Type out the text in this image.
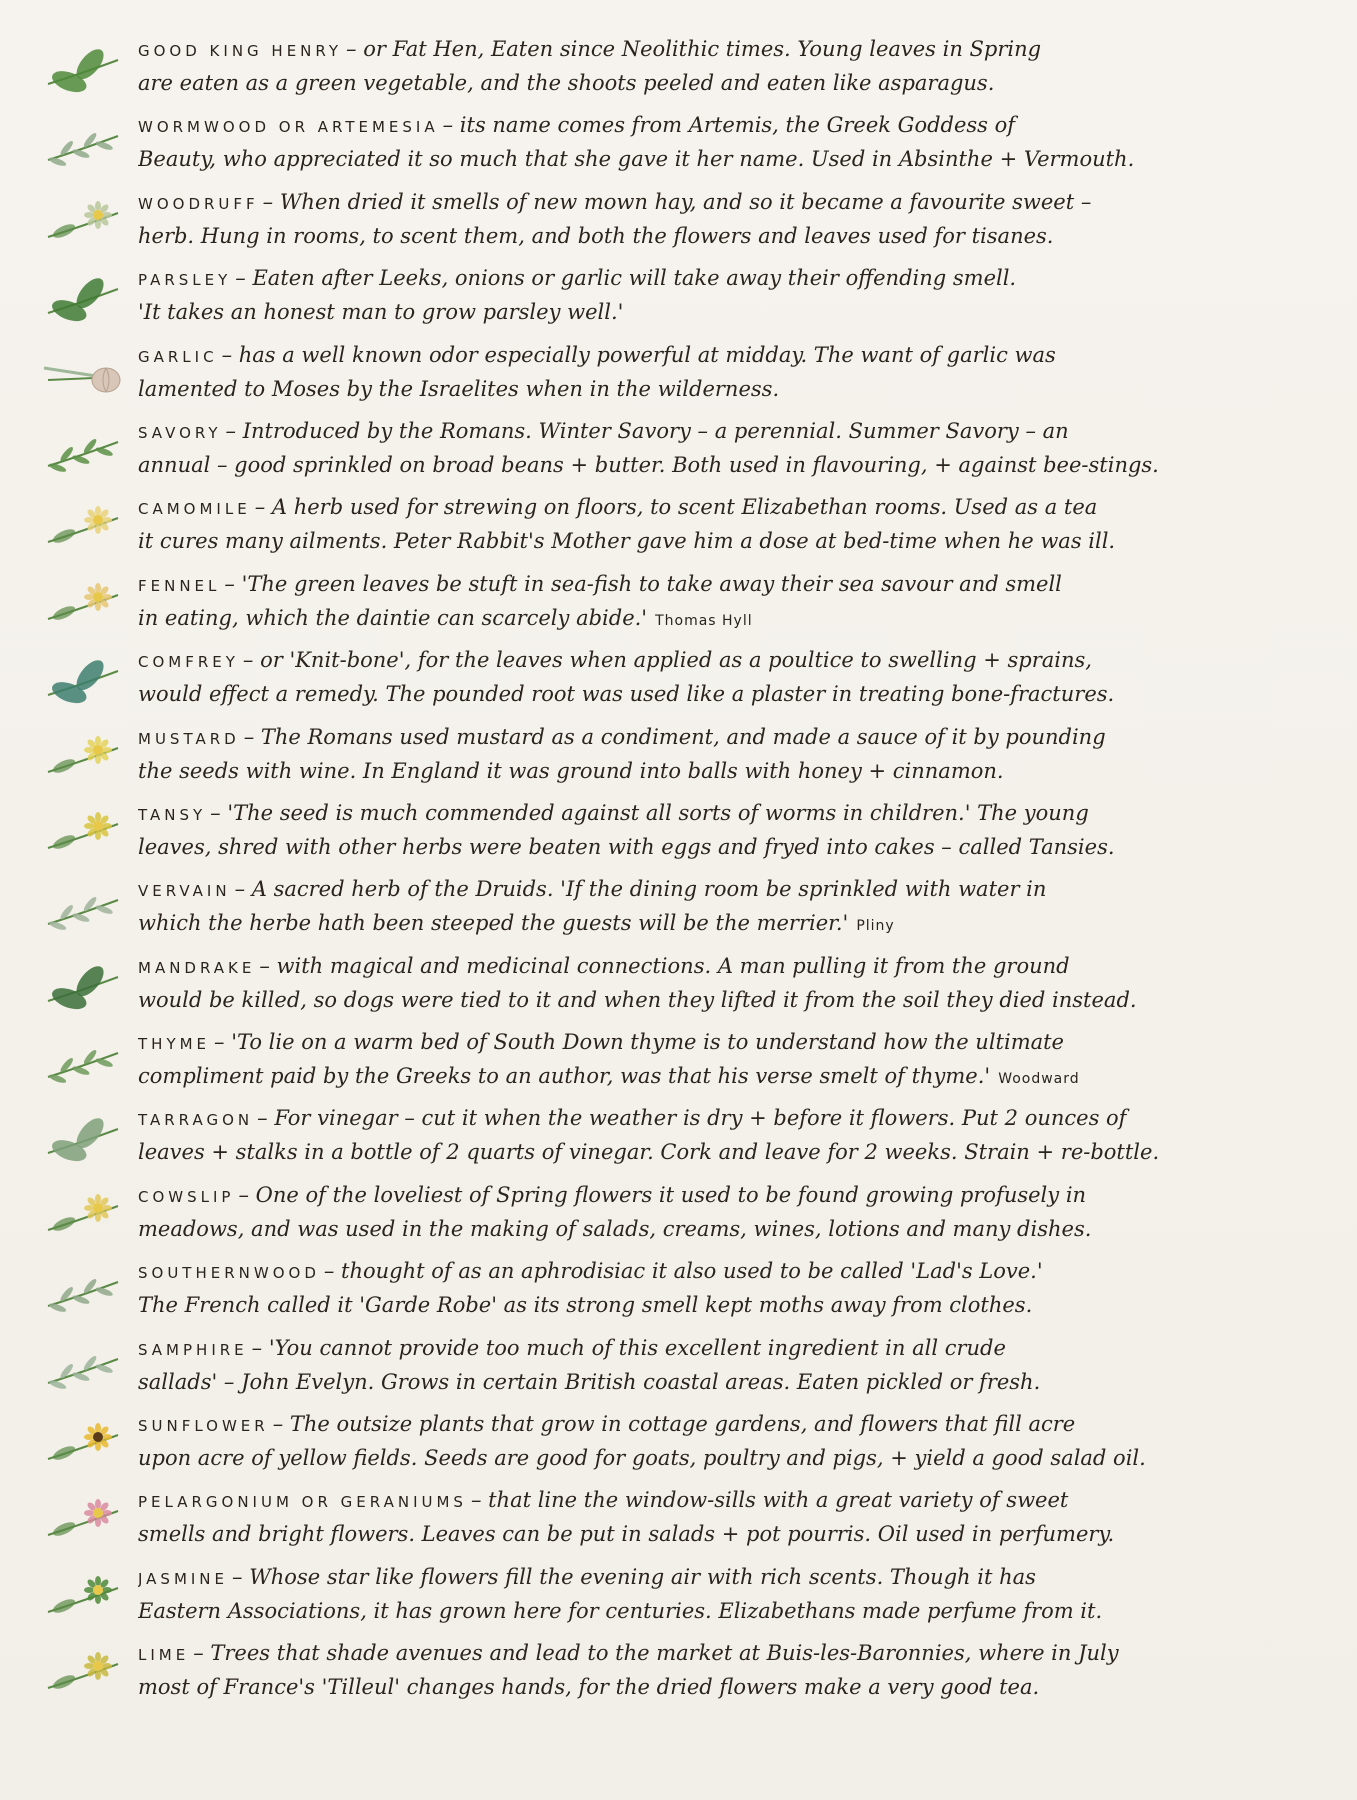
GOOD KING HENRY – or Fat Hen, Eaten since Neolithic times. Young leaves in Spring
are eaten as a green vegetable, and the shoots peeled and eaten like asparagus.
WORMWOOD OR ARTEMESIA – its name comes from Artemis, the Greek Goddess of
Beauty, who appreciated it so much that she gave it her name. Used in Absinthe + Vermouth.
WOODRUFF – When dried it smells of new mown hay, and so it became a favourite sweet –
herb. Hung in rooms, to scent them, and both the flowers and leaves used for tisanes.
PARSLEY – Eaten after Leeks, onions or garlic will take away their offending smell.
'It takes an honest man to grow parsley well.'
GARLIC – has a well known odor especially powerful at midday. The want of garlic was
lamented to Moses by the Israelites when in the wilderness.
SAVORY – Introduced by the Romans. Winter Savory – a perennial. Summer Savory – an
annual – good sprinkled on broad beans + butter. Both used in flavouring, + against bee-stings.
CAMOMILE – A herb used for strewing on floors, to scent Elizabethan rooms. Used as a tea
it cures many ailments. Peter Rabbit's Mother gave him a dose at bed-time when he was ill.
FENNEL – 'The green leaves be stuft in sea-fish to take away their sea savour and smell
in eating, which the daintie can scarcely abide.' Thomas Hyll
COMFREY – or 'Knit-bone', for the leaves when applied as a poultice to swelling + sprains,
would effect a remedy. The pounded root was used like a plaster in treating bone-fractures.
MUSTARD – The Romans used mustard as a condiment, and made a sauce of it by pounding
the seeds with wine. In England it was ground into balls with honey + cinnamon.
TANSY – 'The seed is much commended against all sorts of worms in children.' The young
leaves, shred with other herbs were beaten with eggs and fryed into cakes – called Tansies.
VERVAIN – A sacred herb of the Druids. 'If the dining room be sprinkled with water in
which the herbe hath been steeped the guests will be the merrier.' Pliny
MANDRAKE – with magical and medicinal connections. A man pulling it from the ground
would be killed, so dogs were tied to it and when they lifted it from the soil they died instead.
THYME – 'To lie on a warm bed of South Down thyme is to understand how the ultimate
compliment paid by the Greeks to an author, was that his verse smelt of thyme.' Woodward
TARRAGON – For vinegar – cut it when the weather is dry + before it flowers. Put 2 ounces of
leaves + stalks in a bottle of 2 quarts of vinegar. Cork and leave for 2 weeks. Strain + re-bottle.
COWSLIP – One of the loveliest of Spring flowers it used to be found growing profusely in
meadows, and was used in the making of salads, creams, wines, lotions and many dishes.
SOUTHERNWOOD – thought of as an aphrodisiac it also used to be called 'Lad's Love.'
The French called it 'Garde Robe' as its strong smell kept moths away from clothes.
SAMPHIRE – 'You cannot provide too much of this excellent ingredient in all crude
sallads' – John Evelyn. Grows in certain British coastal areas. Eaten pickled or fresh.
SUNFLOWER – The outsize plants that grow in cottage gardens, and flowers that fill acre
upon acre of yellow fields. Seeds are good for goats, poultry and pigs, + yield a good salad oil.
PELARGONIUM OR GERANIUMS – that line the window-sills with a great variety of sweet
smells and bright flowers. Leaves can be put in salads + pot pourris. Oil used in perfumery.
JASMINE – Whose star like flowers fill the evening air with rich scents. Though it has
Eastern Associations, it has grown here for centuries. Elizabethans made perfume from it.
LIME – Trees that shade avenues and lead to the market at Buis-les-Baronnies, where in July
most of France's 'Tilleul' changes hands, for the dried flowers make a very good tea.
